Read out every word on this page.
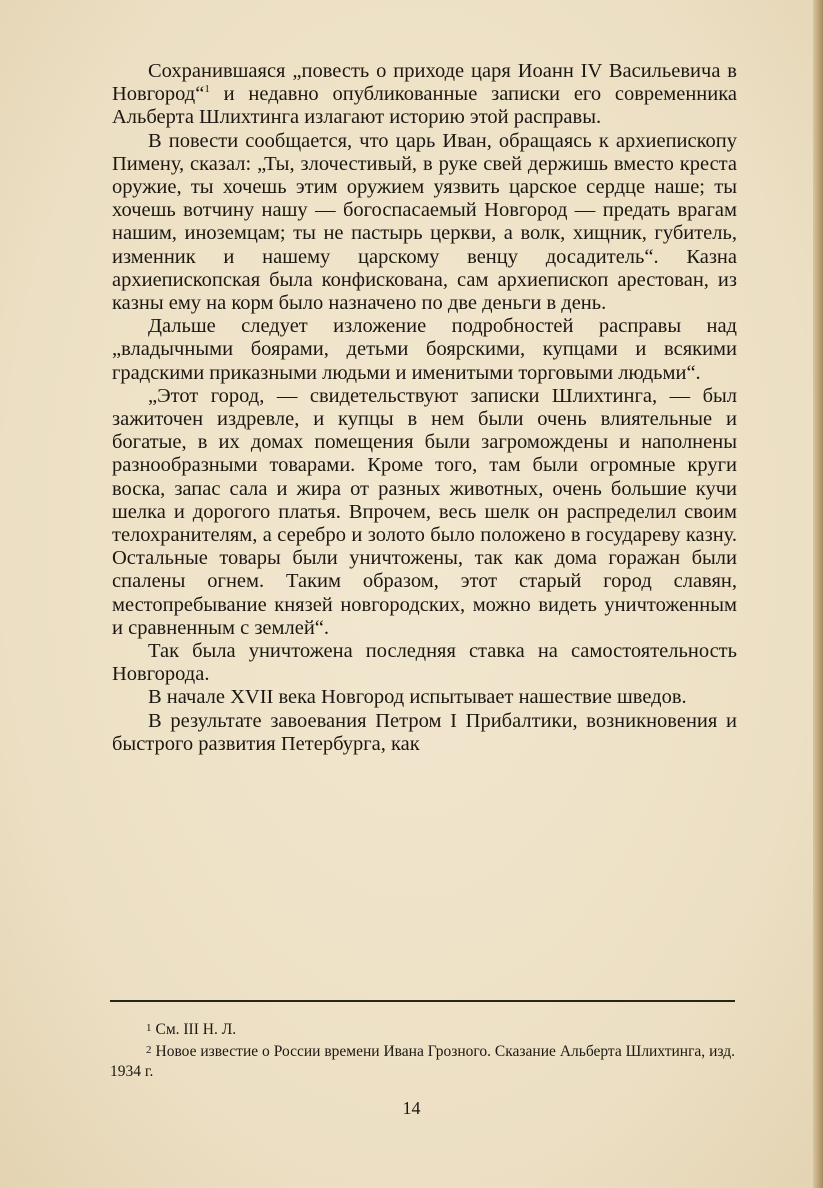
Сохранившаяся „повесть о приходе царя Иоанн IV Васильевича в Новгород“$^1$ и недавно опубликованные записки его современника Альберта Шлихтинга излагают историю этой расправы.

В повести сообщается, что царь Иван, обращаясь к архиепископу Пимену, сказал: „Ты, злочестивый, в руке свей держишь вместо креста оружие, ты хочешь этим оружием уязвить царское сердце наше; ты хочешь вотчину нашу — богоспасаемый Новгород — предать врагам нашим, иноземцам; ты не пастырь церкви, а волк, хищник, губитель, изменник и нашему царскому венцу досадитель“. Казна архиепископская была конфискована, сам архиепископ арестован, из казны ему на корм было назначено по две деньги в день.

Дальше следует изложение подробностей расправы над „владычными боярами, детьми боярскими, купцами и всякими градскими приказными людьми и именитыми торговыми людьми“.

„Этот город, — свидетельствуют записки Шлихтинга, — был зажиточен издревле, и купцы в нем были очень влиятельные и богатые, в их домах помещения были загромождены и наполнены разнообразными товарами. Кроме того, там были огромные круги воска, запас сала и жира от разных животных, очень большие кучи шелка и дорогого платья. Впрочем, весь шелк он распределил своим телохранителям, а серебро и золото было положено в государеву казну. Остальные товары были уничтожены, так как дома горажан были спалены огнем. Таким образом, этот старый город славян, местопребывание князей новгородских, можно видеть уничтоженным и сравненным с землей“.

Так была уничтожена последняя ставка на самостоятельность Новгорода.

В начале XVII века Новгород испытывает нашествие шведов.

В результате завоевания Петром I Прибалтики, возникновения и быстрого развития Петербурга, как

1 См. III Н. Л.

2 Новое известие о России времени Ивана Грозного. Сказание Альберта Шлихтинга, изд. 1934 г.

14
